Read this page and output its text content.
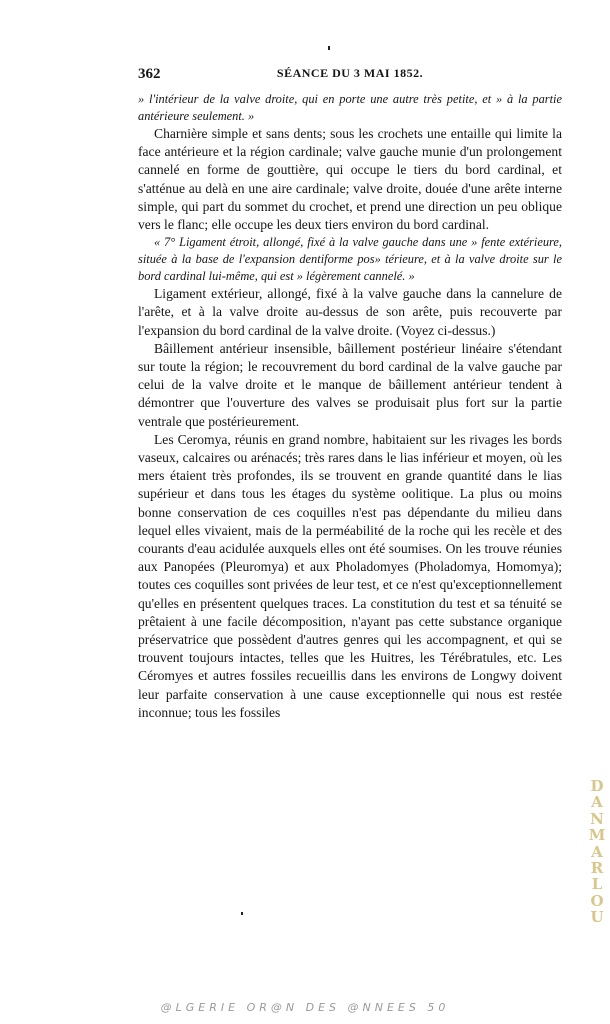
362	SÉANCE DU 3 MAI 1852.

» l'intérieur de la valve droite, qui en porte une autre très petite, et » à la partie antérieure seulement. »

Charnière simple et sans dents; sous les crochets une entaille qui limite la face antérieure et la région cardinale; valve gauche munie d'un prolongement cannelé en forme de gouttière, qui occupe le tiers du bord cardinal, et s'atténue au delà en une aire cardinale; valve droite, douée d'une arête interne simple, qui part du sommet du crochet, et prend une direction un peu oblique vers le flanc; elle occupe les deux tiers environ du bord cardinal.

« 7° Ligament étroit, allongé, fixé à la valve gauche dans une » fente extérieure, située à la base de l'expansion dentiforme pos» térieure, et à la valve droite sur le bord cardinal lui-même, qui est » légèrement cannelé. »

Ligament extérieur, allongé, fixé à la valve gauche dans la cannelure de l'arête, et à la valve droite au-dessus de son arête, puis recouverte par l'expansion du bord cardinal de la valve droite. (Voyez ci-dessus.)

Bâillement antérieur insensible, bâillement postérieur linéaire s'étendant sur toute la région; le recouvrement du bord cardinal de la valve gauche par celui de la valve droite et le manque de bâillement antérieur tendent à démontrer que l'ouverture des valves se produisait plus fort sur la partie ventrale que postérieurement.

Les Ceromya, réunis en grand nombre, habitaient sur les rivages les bords vaseux, calcaires ou arénacés; très rares dans le lias inférieur et moyen, où les mers étaient très profondes, ils se trouvent en grande quantité dans le lias supérieur et dans tous les étages du système oolitique. La plus ou moins bonne conservation de ces coquilles n'est pas dépendante du milieu dans lequel elles vivaient, mais de la perméabilité de la roche qui les recèle et des courants d'eau acidulée auxquels elles ont été soumises. On les trouve réunies aux Panopées (Pleuromya) et aux Pholadomyes (Pholadomya, Homomya); toutes ces coquilles sont privées de leur test, et ce n'est qu'exceptionnellement qu'elles en présentent quelques traces. La constitution du test et sa ténuité se prêtaient à une facile décomposition, n'ayant pas cette substance organique préservatrice que possèdent d'autres genres qui les accompagnent, et qui se trouvent toujours intactes, telles que les Huitres, les Térébratules, etc. Les Céromyes et autres fossiles recueillis dans les environs de Longwy doivent leur parfaite conservation à une cause exceptionnelle qui nous est restée inconnue; tous les fossiles

DANMARLOU
@LGERIE OR@N DES @NNEES 50
